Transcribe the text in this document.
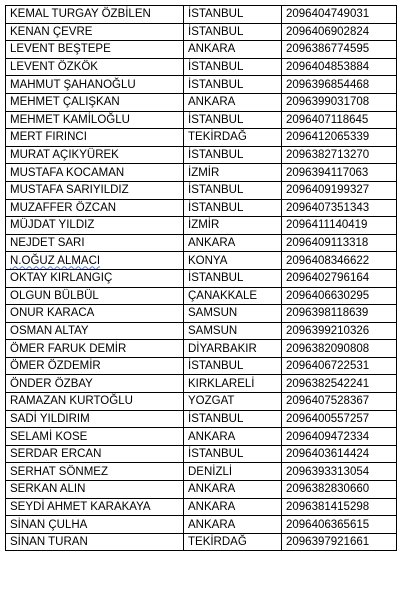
KEMAL TURGAY ÖZBİLEN	İSTANBUL	2096404749031
KENAN ÇEVRE	İSTANBUL	2096406902824
LEVENT BEŞTEPE	ANKARA	2096386774595
LEVENT ÖZKÖK	İSTANBUL	2096404853884
MAHMUT ŞAHANOĞLU	İSTANBUL	2096396854468
MEHMET ÇALIŞKAN	ANKARA	2096399031708
MEHMET KAMİLOĞLU	İSTANBUL	2096407118645
MERT FIRINCI	TEKİRDAĞ	2096412065339
MURAT AÇIKYÜREK	İSTANBUL	2096382713270
MUSTAFA KOCAMAN	İZMİR	2096394117063
MUSTAFA SARIYILDIZ	İSTANBUL	2096409199327
MUZAFFER ÖZCAN	İSTANBUL	2096407351343
MÜJDAT YILDIZ	İZMİR	2096411140419
NEJDET SARI	ANKARA	2096409113318
N.OĞUZ ALMACI	KONYA	2096408346622
OKTAY KIRLANGIÇ	İSTANBUL	2096402796164
OLGUN BÜLBÜL	ÇANAKKALE	2096406630295
ONUR KARACA	SAMSUN	2096398118639
OSMAN ALTAY	SAMSUN	2096399210326
ÖMER FARUK DEMİR	DİYARBAKIR	2096382090808
ÖMER ÖZDEMİR	İSTANBUL	2096406722531
ÖNDER ÖZBAY	KIRKLARELİ	2096382542241
RAMAZAN KURTOĞLU	YOZGAT	2096407528367
SADİ YILDIRIM	İSTANBUL	2096400557257
SELAMİ KOSE	ANKARA	2096409472334
SERDAR ERCAN	İSTANBUL	2096403614424
SERHAT SÖNMEZ	DENİZLİ	2096393313054
SERKAN ALIN	ANKARA	2096382830660
SEYDİ AHMET KARAKAYA	ANKARA	2096381415298
SİNAN ÇULHA	ANKARA	2096406365615
SİNAN TURAN	TEKİRDAĞ	2096397921661
